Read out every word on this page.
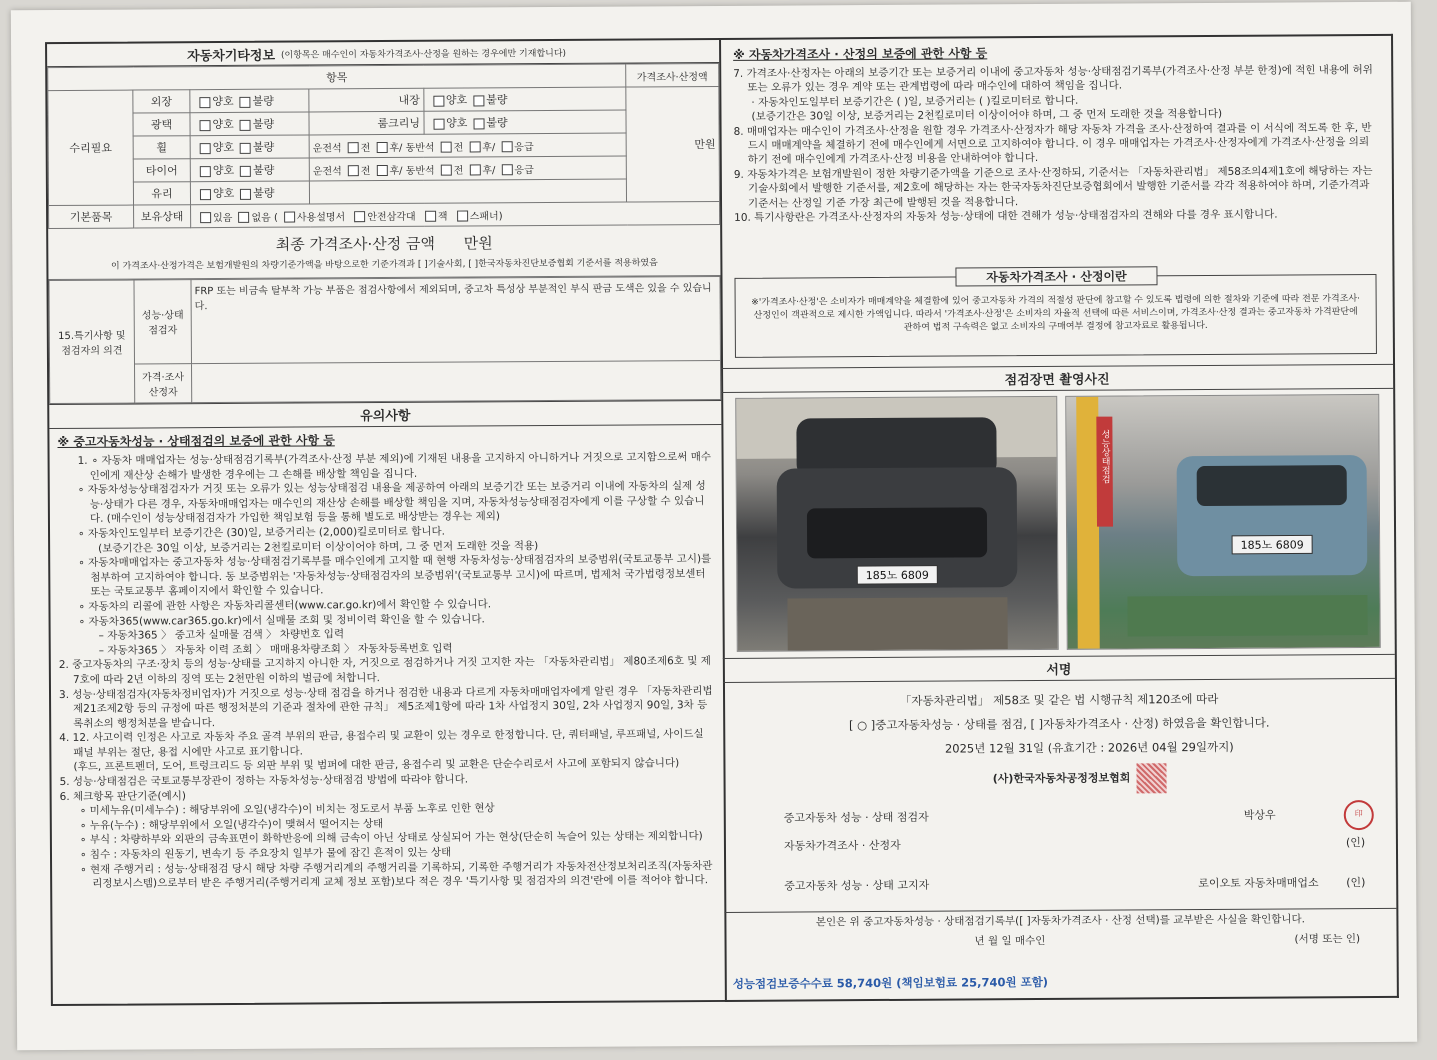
자동차기타정보 (이항목은 매수인이 자동차가격조사·산정을 원하는 경우에만 기재합니다)
항목					가격조사·산정액
수리필요	외장	양호 불량	내장	양호 불량	만원
	광택	양호 불량	룸크리닝	양호 불량	
	휠	양호 불량	운전석 전 후/ 동반석 전 후/ 응급		
	타이어	양호 불량	운전석 전 후/ 동반석 전 후/ 응급		
	유리	양호 불량			
기본품목	보유상태	있음 없음 ( 사용설명서 안전삼각대 잭 스패너)			
최종 가격조사·산정 금액 만원
이 가격조사·산정가격은 보험개발원의 차량기준가액을 바탕으로한 기준가격과 [ ]기술사회, [ ]한국자동차진단보증협회 기준서를 적용하였음
15.특기사항 및 점검자의 의견	성능·상태 점검자	FRP 또는 비금속 탈부착 가능 부품은 점검사항에서 제외되며, 중고차 특성상 부분적인 부식 판금 도색은 있을 수 있습니다.
	가격·조사 산정자	
유의사항
※ 중고자동차성능 · 상태점검의 보증에 관한 사항 등

1. ∘ 자동차 매매업자는 성능·상태점검기록부(가격조사·산정 부분 제외)에 기재된 내용을 고지하지 아니하거나 거짓으로 고지함으로써 매수인에게 재산상 손해가 발생한 경우에는 그 손해를 배상할 책임을 집니다.

∘ 자동차성능상태점검자가 거짓 또는 오류가 있는 성능상태점검 내용을 제공하여 아래의 보증기간 또는 보증거리 이내에 자동차의 실제 성능·상태가 다른 경우, 자동차매매업자는 매수인의 재산상 손해를 배상할 책임을 지며, 자동차성능상태점검자에게 이를 구상할 수 있습니다. (매수인이 성능상태점검자가 가입한 책임보험 등을 통해 별도로 배상받는 경우는 제외)

∘ 자동차인도일부터 보증기간은 (30)일, 보증거리는 (2,000)킬로미터로 합니다.

(보증기간은 30일 이상, 보증거리는 2천킬로미터 이상이어야 하며, 그 중 먼저 도래한 것을 적용)

∘ 자동차매매업자는 중고자동차 성능·상태점검기록부를 매수인에게 고지할 때 현행 자동차성능·상태점검자의 보증범위(국토교통부 고시)를 첨부하여 고지하여야 합니다. 동 보증범위는 '자동차성능·상태점검자의 보증범위'(국토교통부 고시)에 따르며, 법제처 국가법령정보센터 또는 국토교통부 홈페이지에서 확인할 수 있습니다.

∘ 자동차의 리콜에 관한 사항은 자동차리콜센터(www.car.go.kr)에서 확인할 수 있습니다.

∘ 자동차365(www.car365.go.kr)에서 실매물 조회 및 정비이력 확인을 할 수 있습니다.

– 자동차365 〉 중고차 실매물 검색 〉 차량번호 입력

– 자동차365 〉 자동차 이력 조회 〉 매매용차량조회 〉 자동차등록번호 입력

2. 중고자동차의 구조·장치 등의 성능·상태를 고지하지 아니한 자, 거짓으로 점검하거나 거짓 고지한 자는 「자동차관리법」 제80조제6호 및 제7호에 따라 2년 이하의 징역 또는 2천만원 이하의 벌금에 처합니다.

3. 성능·상태점검자(자동차정비업자)가 거짓으로 성능·상태 점검을 하거나 점검한 내용과 다르게 자동차매매업자에게 알린 경우 「자동차관리법 제21조제2항 등의 규정에 따른 행정처분의 기준과 절차에 관한 규칙」 제5조제1항에 따라 1차 사업정지 30일, 2차 사업정지 90일, 3차 등록취소의 행정처분을 받습니다.

4. 12. 사고이력 인정은 사고로 자동차 주요 골격 부위의 판금, 용접수리 및 교환이 있는 경우로 한정합니다. 단, 쿼터패널, 루프패널, 사이드실패널 부위는 절단, 용접 시에만 사고로 표기합니다.

(후드, 프론트펜더, 도어, 트렁크리드 등 외판 부위 및 범퍼에 대한 판금, 용접수리 및 교환은 단순수리로서 사고에 포함되지 않습니다)

5. 성능·상태점검은 국토교통부장관이 정하는 자동차성능·상태점검 방법에 따라야 합니다.

6. 체크항목 판단기준(예시)

∘ 미세누유(미세누수) : 해당부위에 오일(냉각수)이 비치는 정도로서 부품 노후로 인한 현상

∘ 누유(누수) : 해당부위에서 오일(냉각수)이 맺혀서 떨어지는 상태

∘ 부식 : 차량하부와 외판의 금속표면이 화학반응에 의해 금속이 아닌 상태로 상실되어 가는 현상(단순히 녹슬어 있는 상태는 제외합니다)

∘ 침수 : 자동차의 원동기, 변속기 등 주요장치 일부가 물에 잠긴 흔적이 있는 상태

∘ 현재 주행거리 : 성능·상태점검 당시 해당 차량 주행거리계의 주행거리를 기록하되, 기록한 주행거리가 자동차전산정보처리조직(자동차관리정보시스템)으로부터 받은 주행거리(주행거리계 교체 정보 포함)보다 적은 경우 '특기사항 및 점검자의 의견'란에 이를 적어야 합니다.

※ 자동차가격조사 · 산정의 보증에 관한 사항 등

7. 가격조사·산정자는 아래의 보증기간 또는 보증거리 이내에 중고자동차 성능·상태점검기록부(가격조사·산정 부분 한정)에 적힌 내용에 허위 또는 오류가 있는 경우 계약 또는 관계법령에 따라 매수인에 대하여 책임을 집니다.

· 자동차인도일부터 보증기간은 ( )일, 보증거리는 ( )킬로미터로 합니다.

(보증기간은 30일 이상, 보증거리는 2천킬로미터 이상이어야 하며, 그 중 먼저 도래한 것을 적용합니다)

8. 매매업자는 매수인이 가격조사·산정을 원할 경우 가격조사·산정자가 해당 자동차 가격을 조사·산정하여 결과를 이 서식에 적도록 한 후, 반드시 매매계약을 체결하기 전에 매수인에게 서면으로 고지하여야 합니다. 이 경우 매매업자는 가격조사·산정자에게 가격조사·산정을 의뢰하기 전에 매수인에게 가격조사·산정 비용을 안내하여야 합니다.

9. 자동차가격은 보험개발원이 정한 차량기준가액을 기준으로 조사·산정하되, 기준서는 「자동차관리법」 제58조의4제1호에 해당하는 자는 기술사회에서 발행한 기준서를, 제2호에 해당하는 자는 한국자동차진단보증협회에서 발행한 기준서를 각각 적용하여야 하며, 기준가격과 기준서는 산정일 기준 가장 최근에 발행된 것을 적용합니다.

10. 특기사항란은 가격조사·산정자의 자동차 성능·상태에 대한 견해가 성능·상태점검자의 견해와 다를 경우 표시합니다.

자동차가격조사 · 산정이란
※'가격조사·산정'은 소비자가 매매계약을 체결함에 있어 중고자동차 가격의 적절성 판단에 참고할 수 있도록 법령에 의한 절차와 기준에 따라 전문 가격조사·산정인이 객관적으로 제시한 가액입니다. 따라서 '가격조사·산정'은 소비자의 자율적 선택에 따른 서비스이며, 가격조사·산정 결과는 중고자동차 가격판단에 관하여 법적 구속력은 없고 소비자의 구매여부 결정에 참고자료로 활용됩니다.
점검장면 촬영사진
185노 6809
성능상태점검
185노 6809
서명
「자동차관리법」 제58조 및 같은 법 시행규칙 제120조에 따라
[ ○ ]중고자동차성능 · 상태를 점검, [ ]자동차가격조사 · 산정) 하였음을 확인합니다.
2025년 12월 31일 (유효기간 : 2026년 04월 29일까지)
(사)한국자동차공정정보협회
중고자동차 성능 · 상태 점검자	박상우	印
자동차가격조사 · 산정자	(인)
중고자동차 성능 · 상태 고지자	로이오토 자동차매매업소	(인)
본인은 위 중고자동차성능 · 상태점검기록부([ ]자동차가격조사 · 산정 선택)를 교부받은 사실을 확인합니다.
년 월 일 매수인	(서명 또는 인)
성능점검보증수수료 58,740원 (책임보험료 25,740원 포함)
